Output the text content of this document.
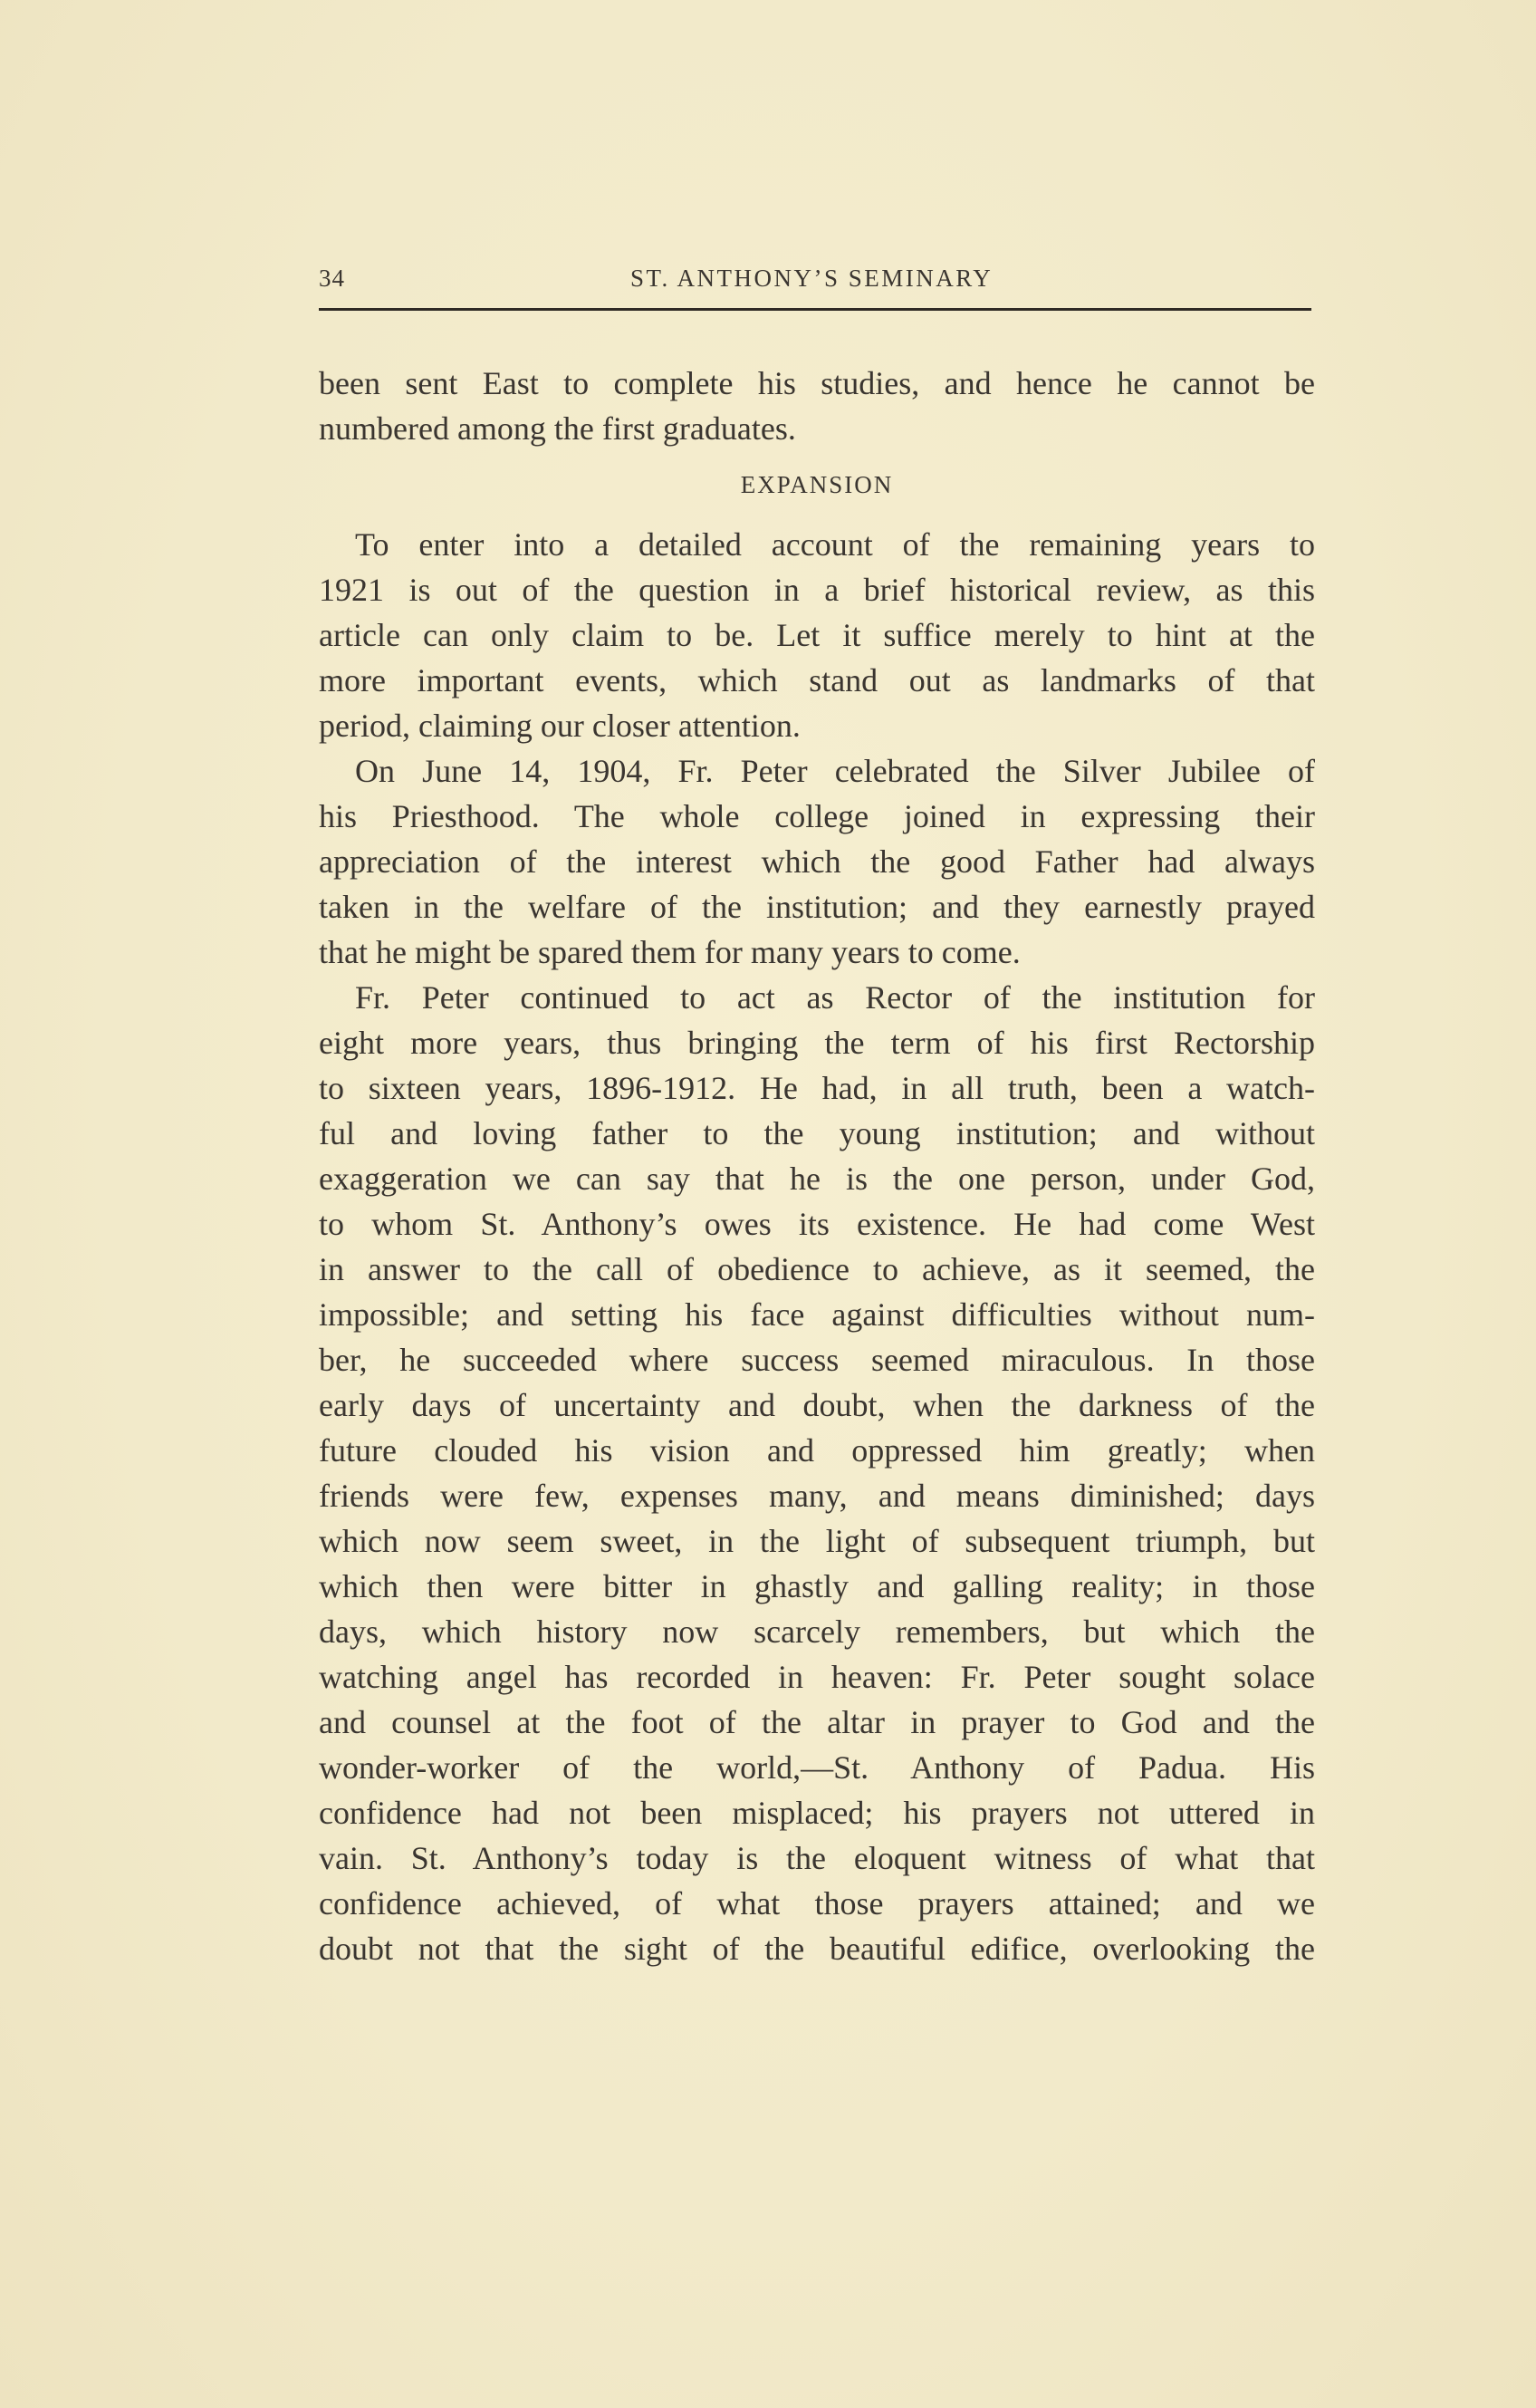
34	ST. ANTHONY’S SEMINARY

been sent East to complete his studies, and hence he cannot be
numbered among the first graduates.

EXPANSION

To enter into a detailed account of the remaining years to
1921 is out of the question in a brief historical review, as this
article can only claim to be. Let it suffice merely to hint at the
more important events, which stand out as landmarks of that
period, claiming our closer attention.

On June 14, 1904, Fr. Peter celebrated the Silver Jubilee of
his Priesthood. The whole college joined in expressing their
appreciation of the interest which the good Father had always
taken in the welfare of the institution; and they earnestly prayed
that he might be spared them for many years to come.

Fr. Peter continued to act as Rector of the institution for
eight more years, thus bringing the term of his first Rectorship
to sixteen years, 1896-1912. He had, in all truth, been a watch-
ful and loving father to the young institution; and without
exaggeration we can say that he is the one person, under God,
to whom St. Anthony’s owes its existence. He had come West
in answer to the call of obedience to achieve, as it seemed, the
impossible; and setting his face against difficulties without num-
ber, he succeeded where success seemed miraculous. In those
early days of uncertainty and doubt, when the darkness of the
future clouded his vision and oppressed him greatly; when
friends were few, expenses many, and means diminished; days
which now seem sweet, in the light of subsequent triumph, but
which then were bitter in ghastly and galling reality; in those
days, which history now scarcely remembers, but which the
watching angel has recorded in heaven: Fr. Peter sought solace
and counsel at the foot of the altar in prayer to God and the
wonder-worker of the world,—St. Anthony of Padua. His
confidence had not been misplaced; his prayers not uttered in
vain. St. Anthony’s today is the eloquent witness of what that
confidence achieved, of what those prayers attained; and we
doubt not that the sight of the beautiful edifice, overlooking the
